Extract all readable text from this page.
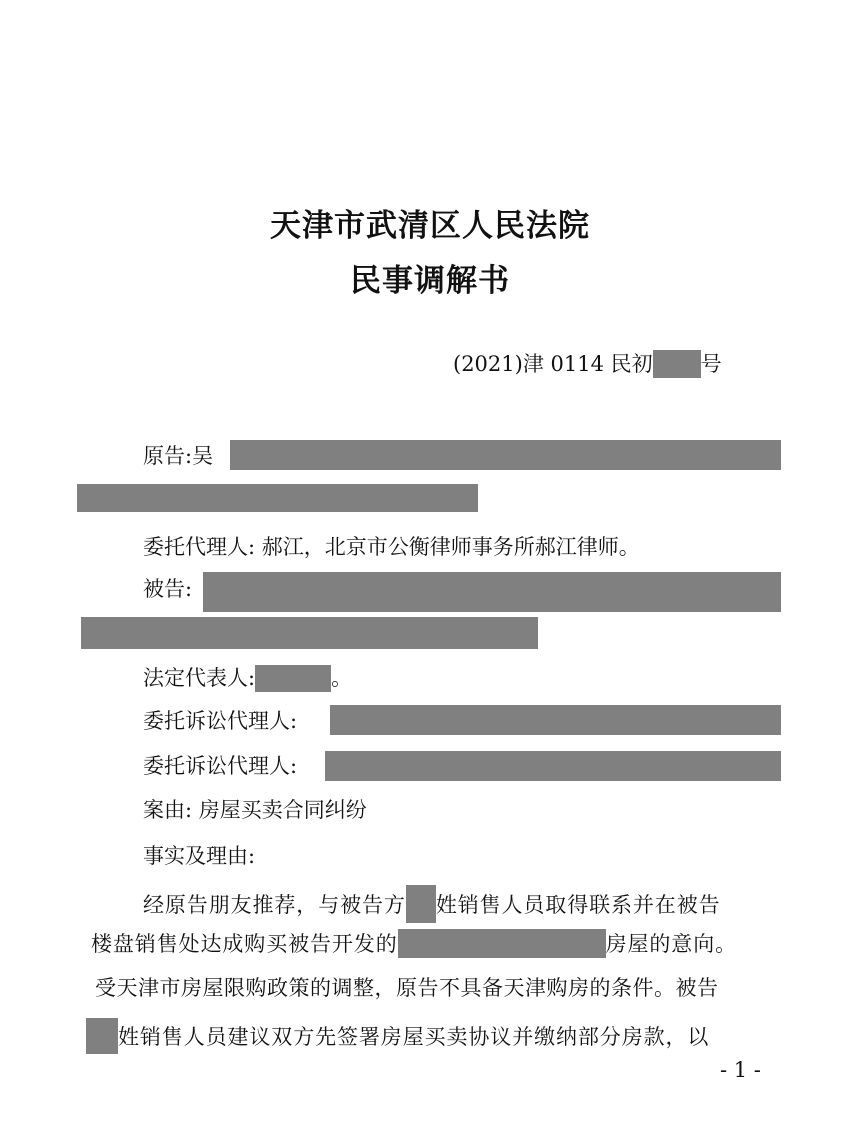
天津市武清区人民法院
民事调解书
(2021)津 0114 民初 号
原告:吴
委托代理人: 郝江，北京市公衡律师事务所郝江律师。
被告:
法定代表人:	。
委托诉讼代理人:
委托诉讼代理人:
案由: 房屋买卖合同纠纷
事实及理由:
经原告朋友推荐，与被告方 姓销售人员取得联系并在被告
楼盘销售处达成购买被告开发的	房屋的意向。
受天津市房屋限购政策的调整，原告不具备天津购房的条件。被告
姓销售人员建议双方先签署房屋买卖协议并缴纳部分房款，以
- 1 -
